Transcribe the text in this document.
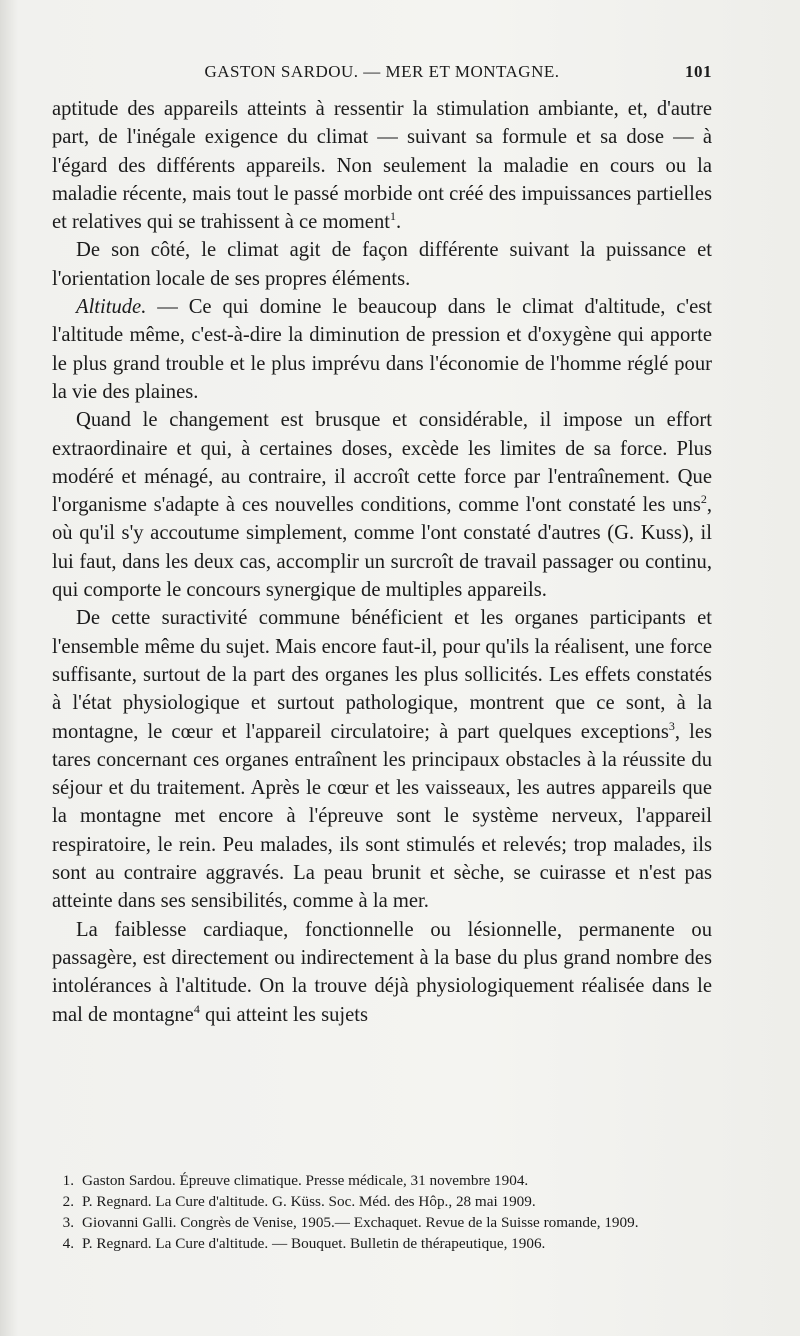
GASTON SARDOU. — MER ET MONTAGNE.	101

aptitude des appareils atteints à ressentir la stimulation ambiante, et, d'autre part, de l'inégale exigence du climat — suivant sa formule et sa dose — à l'égard des différents appareils. Non seulement la maladie en cours ou la maladie récente, mais tout le passé morbide ont créé des impuissances partielles et relatives qui se trahissent à ce moment$^1$.

De son côté, le climat agit de façon différente suivant la puissance et l'orientation locale de ses propres éléments.

Altitude. — Ce qui domine le beaucoup dans le climat d'altitude, c'est l'altitude même, c'est-à-dire la diminution de pression et d'oxygène qui apporte le plus grand trouble et le plus imprévu dans l'économie de l'homme réglé pour la vie des plaines.

Quand le changement est brusque et considérable, il impose un effort extraordinaire et qui, à certaines doses, excède les limites de sa force. Plus modéré et ménagé, au contraire, il accroît cette force par l'entraînement. Que l'organisme s'adapte à ces nouvelles conditions, comme l'ont constaté les uns$^2$, où qu'il s'y accoutume simplement, comme l'ont constaté d'autres (G. Kuss), il lui faut, dans les deux cas, accomplir un surcroît de travail passager ou continu, qui comporte le concours synergique de multiples appareils.

De cette suractivité commune bénéficient et les organes participants et l'ensemble même du sujet. Mais encore faut-il, pour qu'ils la réalisent, une force suffisante, surtout de la part des organes les plus sollicités. Les effets constatés à l'état physiologique et surtout pathologique, montrent que ce sont, à la montagne, le cœur et l'appareil circulatoire; à part quelques exceptions$^3$, les tares concernant ces organes entraînent les principaux obstacles à la réussite du séjour et du traitement. Après le cœur et les vaisseaux, les autres appareils que la montagne met encore à l'épreuve sont le système nerveux, l'appareil respiratoire, le rein. Peu malades, ils sont stimulés et relevés; trop malades, ils sont au contraire aggravés. La peau brunit et sèche, se cuirasse et n'est pas atteinte dans ses sensibilités, comme à la mer.

La faiblesse cardiaque, fonctionnelle ou lésionnelle, permanente ou passagère, est directement ou indirectement à la base du plus grand nombre des intolérances à l'altitude. On la trouve déjà physiologiquement réalisée dans le mal de montagne$^4$ qui atteint les sujets

1. Gaston Sardou. Épreuve climatique. Presse médicale, 31 novembre 1904.
2. P. Regnard. La Cure d'altitude. G. Küss. Soc. Méd. des Hôp., 28 mai 1909.
3. Giovanni Galli. Congrès de Venise, 1905.— Exchaquet. Revue de la Suisse romande, 1909.
4. P. Regnard. La Cure d'altitude. — Bouquet. Bulletin de thérapeutique, 1906.
